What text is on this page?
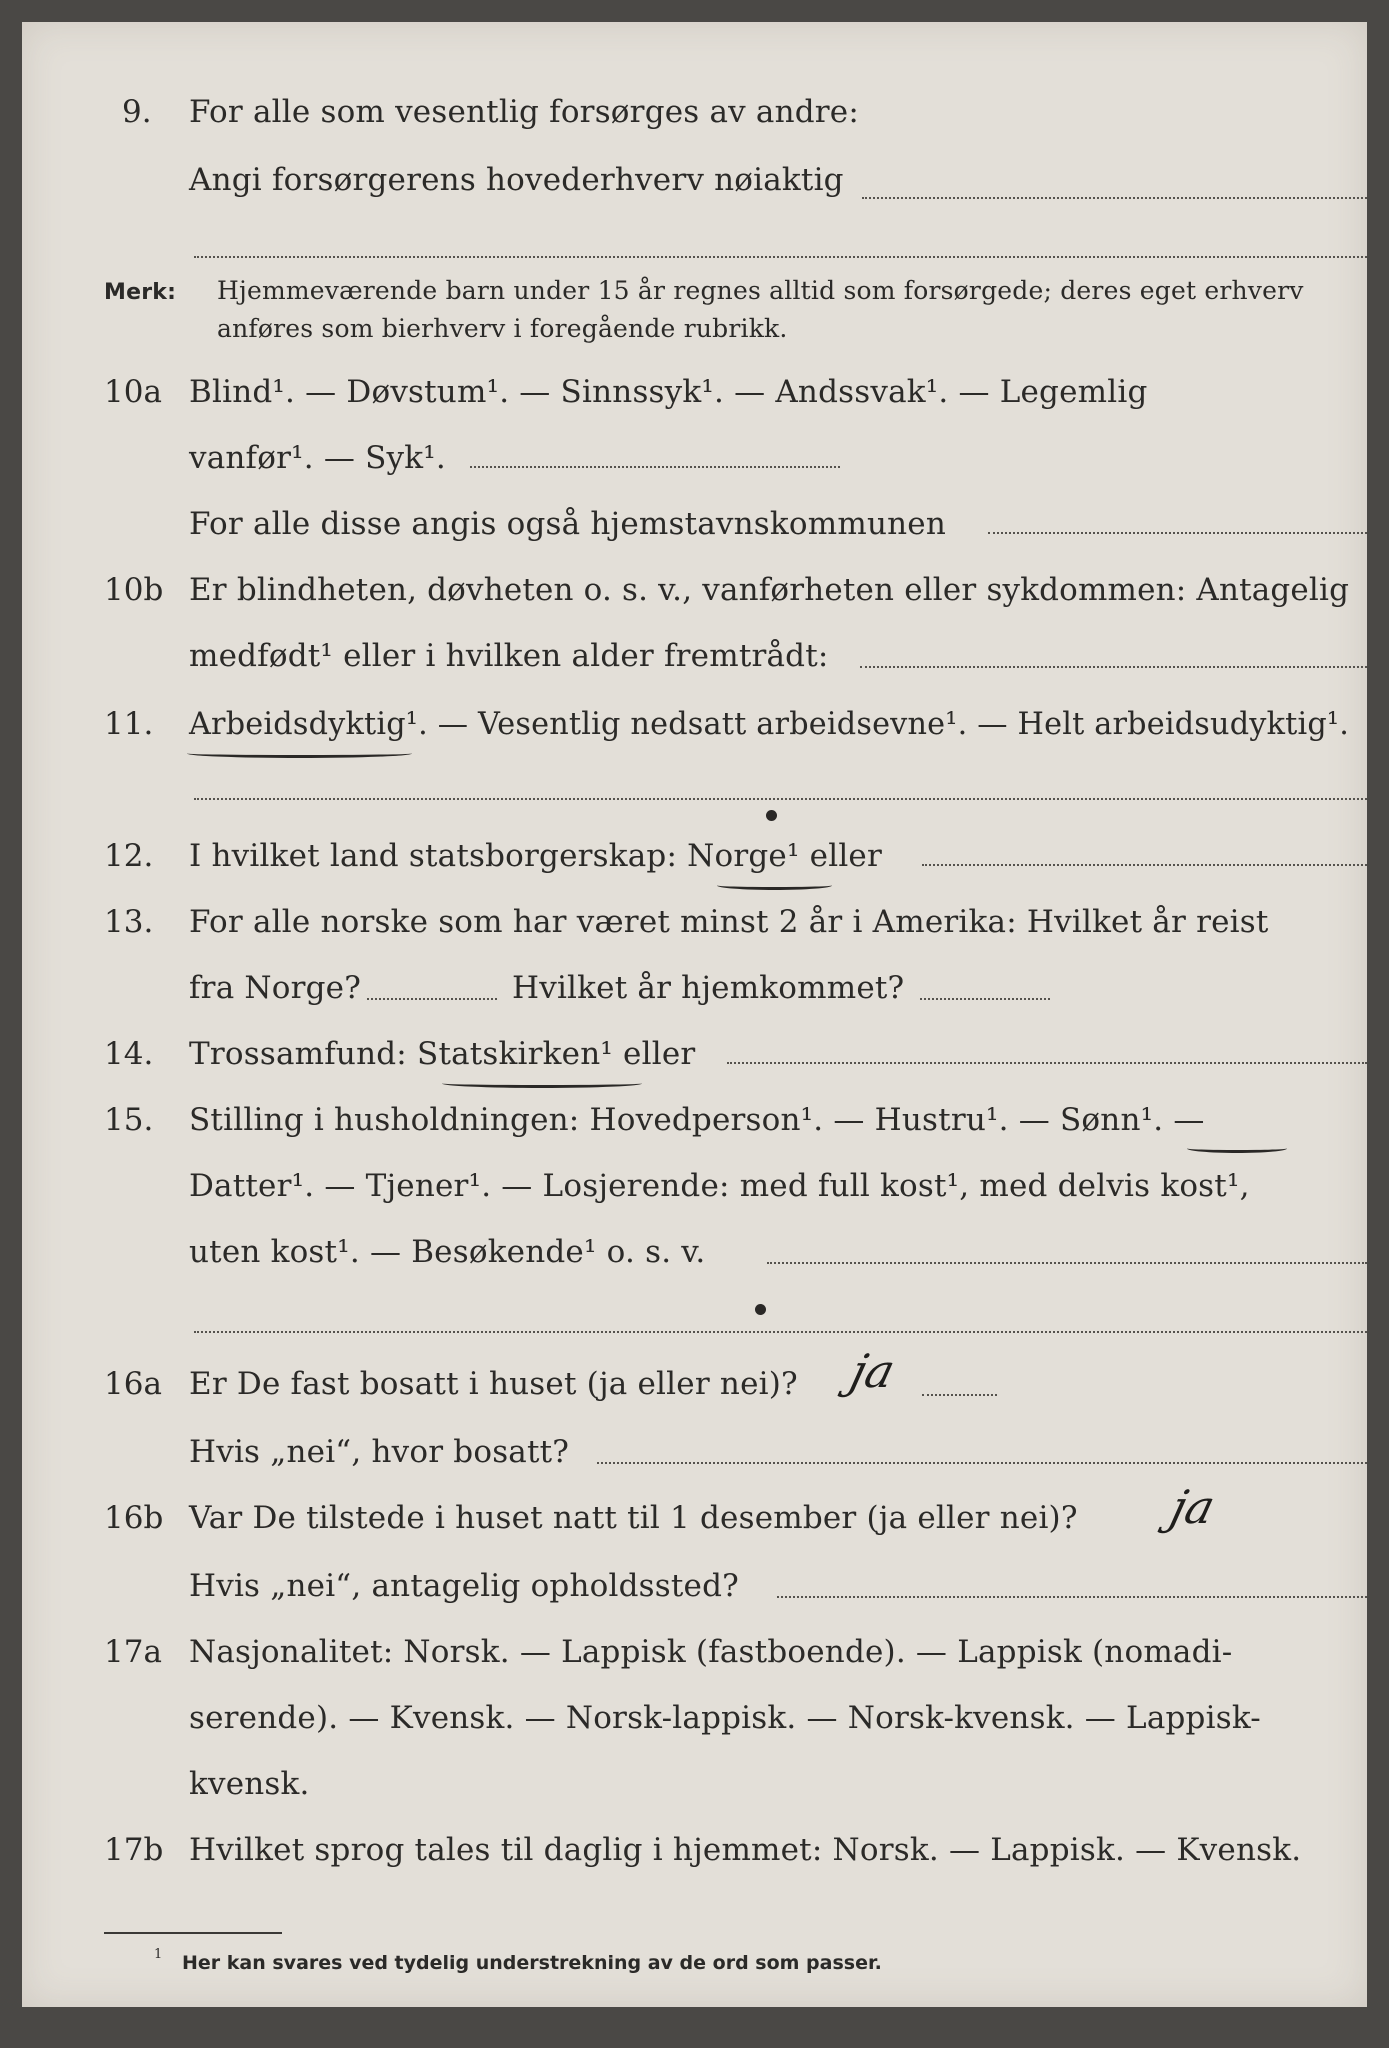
9. For alle som vesentlig forsørges av andre:
Angi forsørgerens hovederhverv nøiaktig
Merk: Hjemmeværende barn under 15 år regnes alltid som forsørgede; deres eget erhverv
anføres som bierhverv i foregående rubrikk.
10a Blind¹. — Døvstum¹. — Sinnssyk¹. — Andssvak¹. — Legemlig
vanfør¹. — Syk¹.
For alle disse angis også hjemstavnskommunen
10b Er blindheten, døvheten o. s. v., vanførheten eller sykdommen: Antagelig
medfødt¹ eller i hvilken alder fremtrådt:
11. Arbeidsdyktig¹. — Vesentlig nedsatt arbeidsevne¹. — Helt arbeidsudyktig¹.
12. I hvilket land statsborgerskap: Norge¹ eller
13. For alle norske som har været minst 2 år i Amerika: Hvilket år reist
fra Norge?	Hvilket år hjemkommet?
14. Trossamfund: Statskirken¹ eller
15. Stilling i husholdningen: Hovedperson¹. — Hustru¹. — Sønn¹. —
Datter¹. — Tjener¹. — Losjerende: med full kost¹, med delvis kost¹,
uten kost¹. — Besøkende¹ o. s. v.
16a Er De fast bosatt i huset (ja eller nei)? ja
Hvis „nei“, hvor bosatt?
16b Var De tilstede i huset natt til 1 desember (ja eller nei)? ja
Hvis „nei“, antagelig opholdssted?
17a Nasjonalitet: Norsk. — Lappisk (fastboende). — Lappisk (nomadi-
serende). — Kvensk. — Norsk-lappisk. — Norsk-kvensk. — Lappisk-
kvensk.
17b Hvilket sprog tales til daglig i hjemmet: Norsk. — Lappisk. — Kvensk.
1 Her kan svares ved tydelig understrekning av de ord som passer.
